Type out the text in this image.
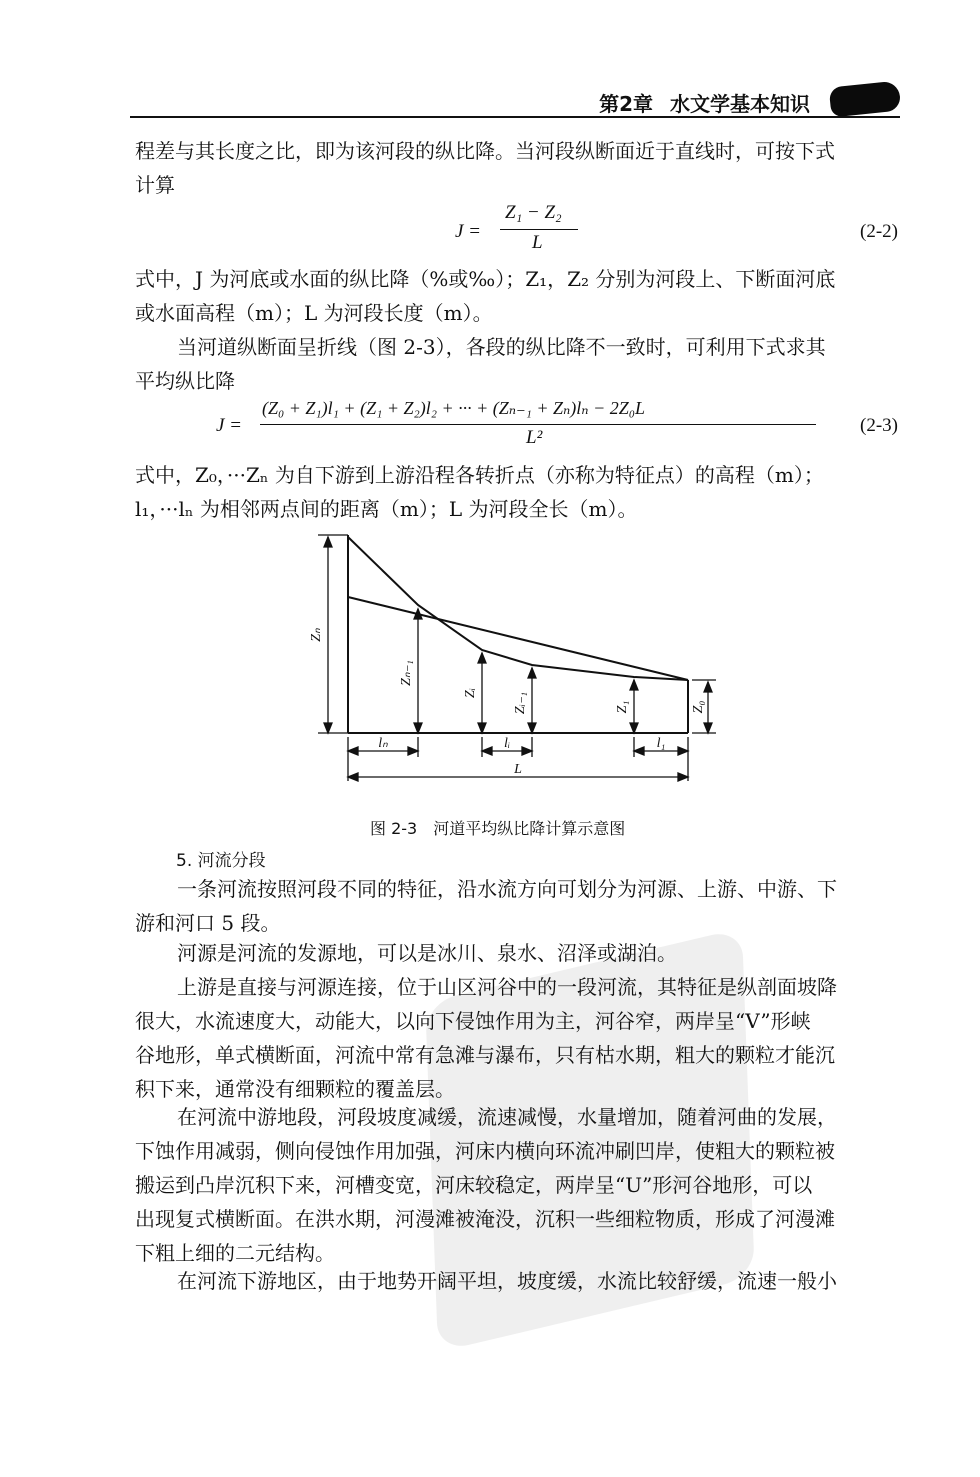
第2章 水文学基本知识
程差与其长度之比，即为该河段的纵比降。当河段纵断面近于直线时，可按下式
计算
J =
Z₁ − Z₂
L
(2-2)
式中，J 为河底或水面的纵比降（%或‰）；Z₁，Z₂ 分别为河段上、下断面河底
或水面高程（m）；L 为河段长度（m）。
当河道纵断面呈折线（图 2-3），各段的纵比降不一致时，可利用下式求其
平均纵比降
J =
(Z₀ + Z₁)l₁ + (Z₁ + Z₂)l₂ + ··· + (Zₙ₋₁ + Zₙ)lₙ − 2Z₀L
L²
(2-3)
式中，Z₀，···Zₙ 为自下游到上游沿程各转折点（亦称为特征点）的高程（m）；
l₁，···lₙ 为相邻两点间的距离（m）；L 为河段全长（m）。
Zₙ
Zₙ₋₁
Zᵢ	Zᵢ₋₁	Z₁	Z₀
lₙ	lᵢ	l₁
L
图 2-3　河道平均纵比降计算示意图
5. 河流分段
一条河流按照河段不同的特征，沿水流方向可划分为河源、上游、中游、下
游和河口 5 段。
河源是河流的发源地，可以是冰川、泉水、沼泽或湖泊。
上游是直接与河源连接，位于山区河谷中的一段河流，其特征是纵剖面坡降
很大，水流速度大，动能大，以向下侵蚀作用为主，河谷窄，两岸呈“V”形峡
谷地形，单式横断面，河流中常有急滩与瀑布，只有枯水期，粗大的颗粒才能沉
积下来，通常没有细颗粒的覆盖层。
在河流中游地段，河段坡度减缓，流速减慢，水量增加，随着河曲的发展，
下蚀作用减弱，侧向侵蚀作用加强，河床内横向环流冲刷凹岸，使粗大的颗粒被
搬运到凸岸沉积下来，河槽变宽，河床较稳定，两岸呈“U”形河谷地形，可以
出现复式横断面。在洪水期，河漫滩被淹没，沉积一些细粒物质，形成了河漫滩
下粗上细的二元结构。
在河流下游地区，由于地势开阔平坦，坡度缓，水流比较舒缓，流速一般小
